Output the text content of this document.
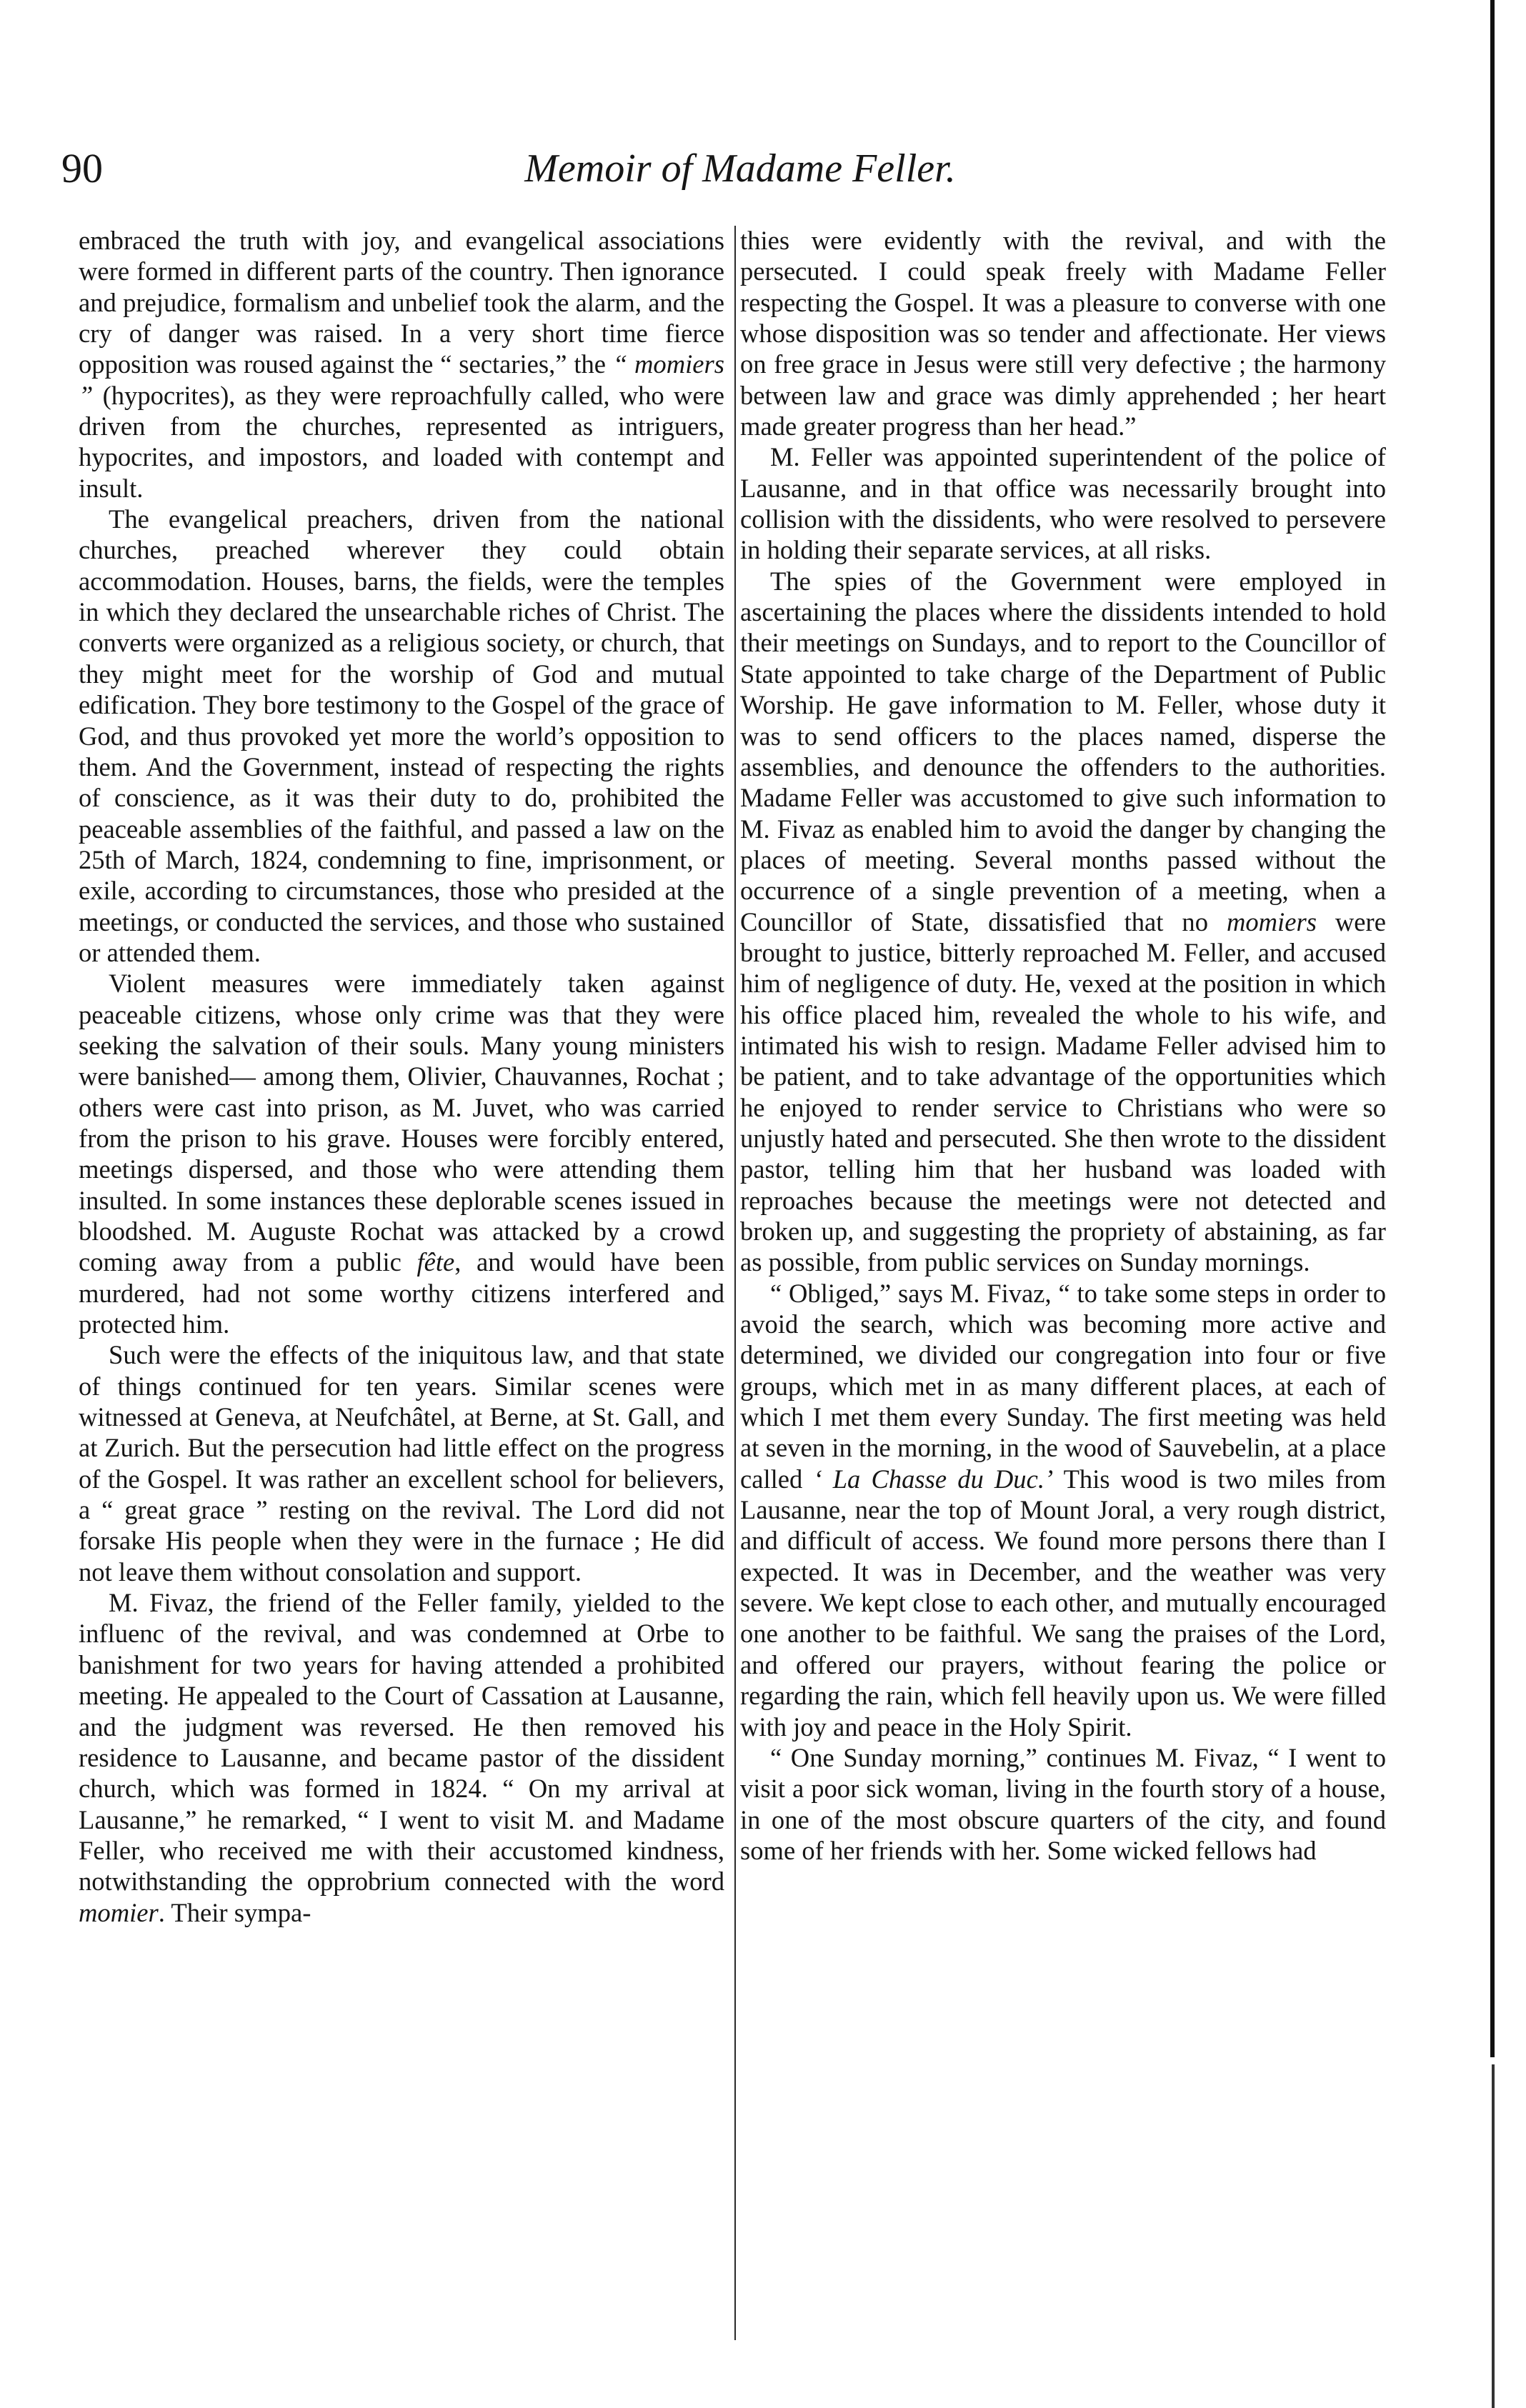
90	Memoir of Madame Feller.

embraced the truth with joy, and evangelical associations were formed in different parts of the country. Then ignorance and prejudice, formalism and unbelief took the alarm, and the cry of danger was raised. In a very short time fierce opposition was roused against the “ sectaries,” the “ momiers ” (hypocrites), as they were reproachfully called, who were driven from the churches, represented as intriguers, hypocrites, and impostors, and loaded with contempt and insult.

The evangelical preachers, driven from the national churches, preached wherever they could obtain accommodation. Houses, barns, the fields, were the temples in which they declared the unsearchable riches of Christ. The converts were organized as a religious society, or church, that they might meet for the worship of God and mutual edification. They bore testimony to the Gospel of the grace of God, and thus provoked yet more the world’s opposition to them. And the Government, instead of respecting the rights of conscience, as it was their duty to do, prohibited the peaceable assemblies of the faithful, and passed a law on the 25th of March, 1824, condemning to fine, imprisonment, or exile, according to circumstances, those who presided at the meetings, or conducted the services, and those who sustained or attended them.

Violent measures were immediately taken against peaceable citizens, whose only crime was that they were seeking the salvation of their souls. Many young ministers were banished— among them, Olivier, Chauvannes, Rochat ; others were cast into prison, as M. Juvet, who was carried from the prison to his grave. Houses were forcibly entered, meetings dispersed, and those who were attending them insulted. In some instances these deplorable scenes issued in bloodshed. M. Auguste Rochat was attacked by a crowd coming away from a public fête, and would have been murdered, had not some worthy citizens interfered and protected him.

Such were the effects of the iniquitous law, and that state of things continued for ten years. Similar scenes were witnessed at Geneva, at Neufchâtel, at Berne, at St. Gall, and at Zurich. But the persecution had little effect on the progress of the Gospel. It was rather an excellent school for believers, a “ great grace ” resting on the revival. The Lord did not forsake His people when they were in the furnace ; He did not leave them without consolation and support.

M. Fivaz, the friend of the Feller family, yielded to the influenc of the revival, and was condemned at Orbe to banishment for two years for having attended a prohibited meeting. He appealed to the Court of Cassation at Lausanne, and the judgment was reversed. He then removed his residence to Lausanne, and became pastor of the dissident church, which was formed in 1824. “ On my arrival at Lausanne,” he remarked, “ I went to visit M. and Madame Feller, who received me with their accustomed kindness, notwithstanding the opprobrium connected with the word momier. Their sympa-

thies were evidently with the revival, and with the persecuted. I could speak freely with Madame Feller respecting the Gospel. It was a pleasure to converse with one whose disposition was so tender and affectionate. Her views on free grace in Jesus were still very defective ; the harmony between law and grace was dimly apprehended ; her heart made greater progress than her head.”

M. Feller was appointed superintendent of the police of Lausanne, and in that office was necessarily brought into collision with the dissidents, who were resolved to persevere in holding their separate services, at all risks.

The spies of the Government were employed in ascertaining the places where the dissidents intended to hold their meetings on Sundays, and to report to the Councillor of State appointed to take charge of the Department of Public Worship. He gave information to M. Feller, whose duty it was to send officers to the places named, disperse the assemblies, and denounce the offenders to the authorities. Madame Feller was accustomed to give such information to M. Fivaz as enabled him to avoid the danger by changing the places of meeting. Several months passed without the occurrence of a single prevention of a meeting, when a Councillor of State, dissatisfied that no momiers were brought to justice, bitterly reproached M. Feller, and accused him of negligence of duty. He, vexed at the position in which his office placed him, revealed the whole to his wife, and intimated his wish to resign. Madame Feller advised him to be patient, and to take advantage of the opportunities which he enjoyed to render service to Christians who were so unjustly hated and persecuted. She then wrote to the dissident pastor, telling him that her husband was loaded with reproaches because the meetings were not detected and broken up, and suggesting the propriety of abstaining, as far as possible, from public services on Sunday mornings.

“ Obliged,” says M. Fivaz, “ to take some steps in order to avoid the search, which was becoming more active and determined, we divided our congregation into four or five groups, which met in as many different places, at each of which I met them every Sunday. The first meeting was held at seven in the morning, in the wood of Sauvebelin, at a place called ‘ La Chasse du Duc.’ This wood is two miles from Lausanne, near the top of Mount Joral, a very rough district, and difficult of access. We found more persons there than I expected. It was in December, and the weather was very severe. We kept close to each other, and mutually encouraged one another to be faithful. We sang the praises of the Lord, and offered our prayers, without fearing the police or regarding the rain, which fell heavily upon us. We were filled with joy and peace in the Holy Spirit.

“ One Sunday morning,” continues M. Fivaz, “ I went to visit a poor sick woman, living in the fourth story of a house, in one of the most obscure quarters of the city, and found some of her friends with her. Some wicked fellows had
